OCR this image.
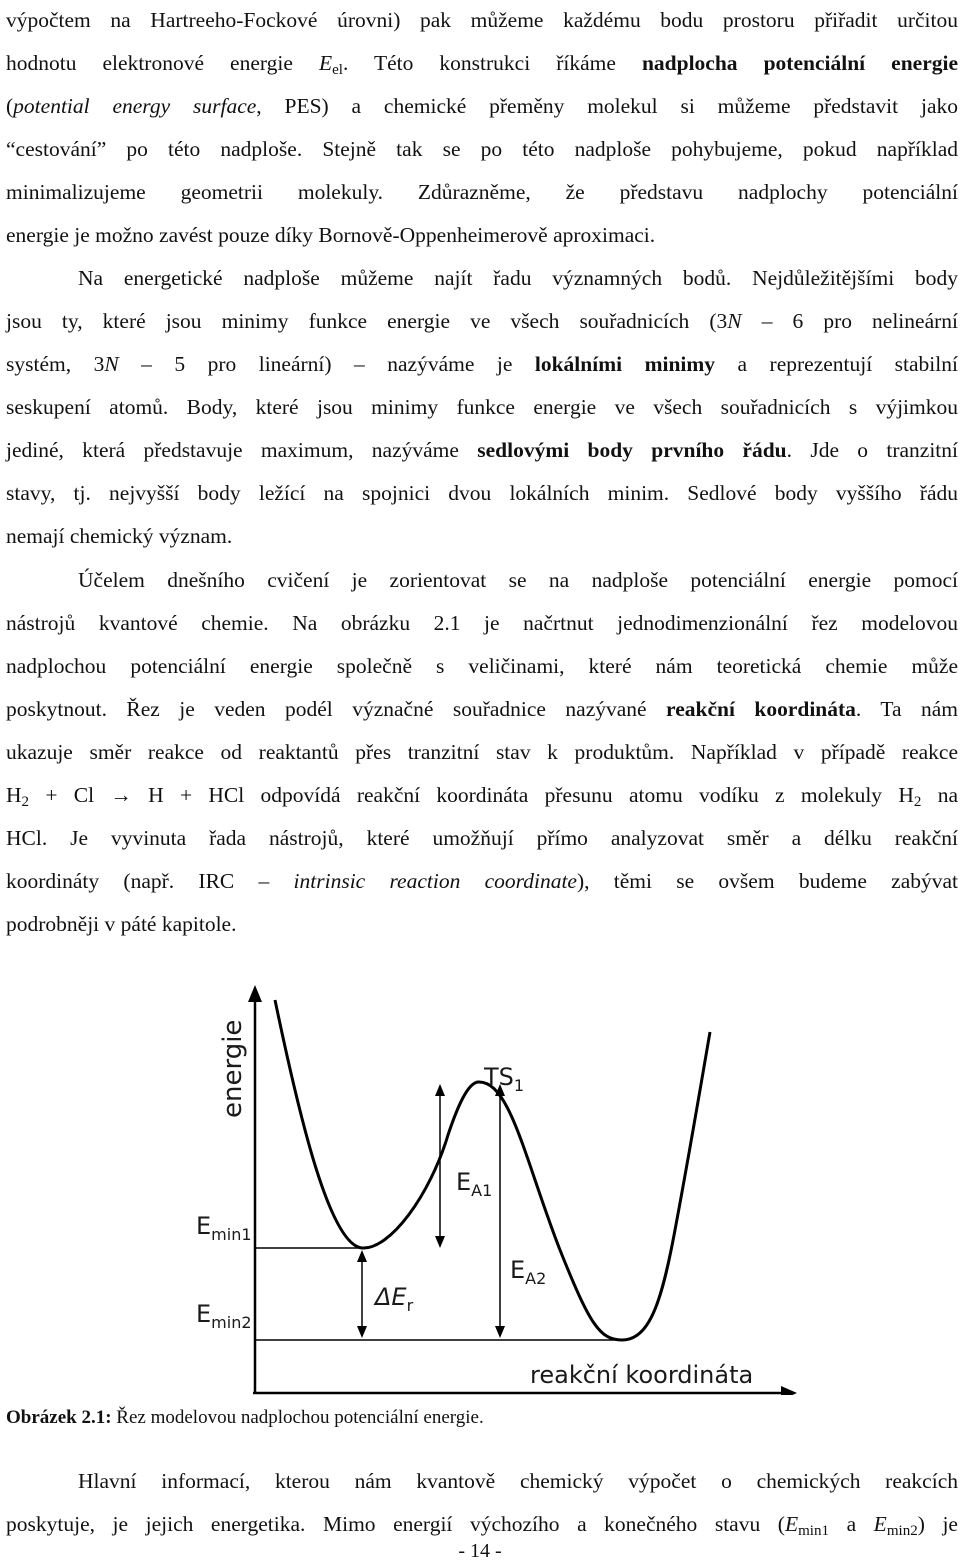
výpočtem na Hartreeho-Fockové úrovni) pak můžeme každému bodu prostoru přiřadit určitou
hodnotu elektronové energie $E_{el}$. Této konstrukci říkáme nadplocha potenciální energie
(potential energy surface, PES) a chemické přeměny molekul si můžeme představit jako
“cestování” po této nadploše. Stejně tak se po této nadploše pohybujeme, pokud například
minimalizujeme geometrii molekuly. Zdůrazněme, že představu nadplochy potenciální
energie je možno zavést pouze díky Bornově-Oppenheimerově aproximaci.
Na energetické nadploše můžeme najít řadu významných bodů. Nejdůležitějšími body
jsou ty, které jsou minimy funkce energie ve všech souřadnicích (3N – 6 pro nelineární
systém, 3N – 5 pro lineární) – nazýváme je lokálními minimy a reprezentují stabilní
seskupení atomů. Body, které jsou minimy funkce energie ve všech souřadnicích s výjimkou
jediné, která představuje maximum, nazýváme sedlovými body prvního řádu. Jde o tranzitní
stavy, tj. nejvyšší body ležící na spojnici dvou lokálních minim. Sedlové body vyššího řádu
nemají chemický význam.
Účelem dnešního cvičení je zorientovat se na nadploše potenciální energie pomocí
nástrojů kvantové chemie. Na obrázku 2.1 je načrtnut jednodimenzionální řez modelovou
nadplochou potenciální energie společně s veličinami, které nám teoretická chemie může
poskytnout. Řez je veden podél význačné souřadnice nazývané reakční koordináta. Ta nám
ukazuje směr reakce od reaktantů přes tranzitní stav k produktům. Například v případě reakce
$H_2 + Cl \to H$ + HCl odpovídá reakční koordináta přesunu atomu vodíku z molekuly $H_2$ na
HCl. Je vyvinuta řada nástrojů, které umožňují přímo analyzovat směr a délku reakční
koordináty (např. IRC – intrinsic reaction coordinate), těmi se ovšem budeme zabývat
podrobněji v páté kapitole.
energie	$TS_1$
$E_{A1}$
$E_{A2}$
$E_{min1}$
$E_{min2}$
$\Delta E_r$
reakční koordináta
Obrázek 2.1: Řez modelovou nadplochou potenciální energie.
Hlavní informací, kterou nám kvantově chemický výpočet o chemických reakcích
poskytuje, je jejich energetika. Mimo energií výchozího a konečného stavu ($E_{min1}$ a $E_{min2}$) je
- 14 -
